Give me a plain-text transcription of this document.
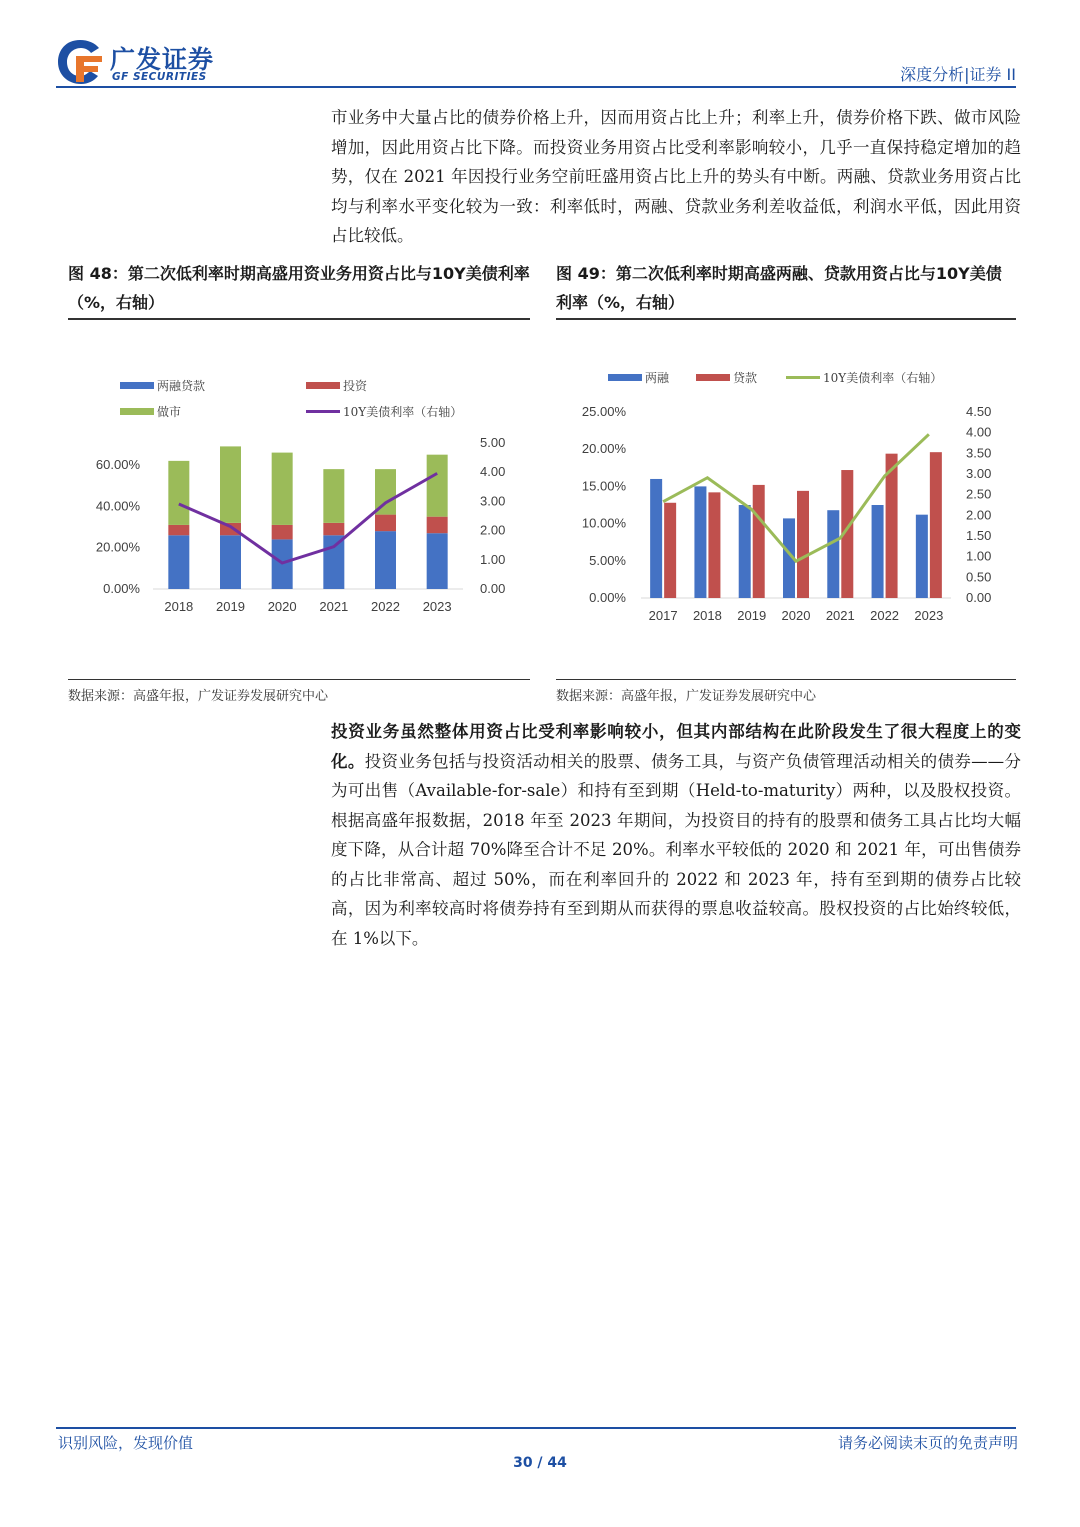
广发证券
GF SECURITIES	深度分析|证券 II
市业务中大量占比的债券价格上升，因而用资占比上升；利率上升，债券价格下跌、做市风险增加，因此用资占比下降。而投资业务用资占比受利率影响较小，几乎一直保持稳定增加的趋势，仅在 2021 年因投行业务空前旺盛用资占比上升的势头有中断。两融、贷款业务用资占比均与利率水平变化较为一致：利率低时，两融、贷款业务利差收益低，利润水平低，因此用资占比较低。
图 48：第二次低利率时期高盛用资业务用资占比与10Y美债利率（%，右轴）
两融贷款	投资
做市	10Y美债利率（右轴）
0.00%
20.00%
40.00%
60.00%
0.00
1.00
2.00
3.00
4.00
5.00
2018 2019 2020 2021 2022 2023
数据来源：高盛年报，广发证券发展研究中心
图 49：第二次低利率时期高盛两融、贷款用资占比与10Y美债利率（%，右轴）
两融	贷款	10Y美债利率（右轴）
0.00%
5.00%
10.00%
15.00%
20.00%
25.00%
0.00
0.50
1.00
1.50
2.00
2.50
3.00
3.50
4.00
4.50
2017 2018 2019 2020 2021 2022 2023
数据来源：高盛年报，广发证券发展研究中心
投资业务虽然整体用资占比受利率影响较小，但其内部结构在此阶段发生了很大程度上的变化。投资业务包括与投资活动相关的股票、债务工具，与资产负债管理活动相关的债券——分为可出售（Available-for-sale）和持有至到期（Held-to-maturity）两种，以及股权投资。根据高盛年报数据，2018 年至 2023 年期间，为投资目的持有的股票和债务工具占比均大幅度下降，从合计超 70%降至合计不足 20%。利率水平较低的 2020 和 2021 年，可出售债券的占比非常高、超过 50%，而在利率回升的 2022 和 2023 年，持有至到期的债券占比较高，因为利率较高时将债券持有至到期从而获得的票息收益较高。股权投资的占比始终较低，在 1%以下。
识别风险，发现价值	请务必阅读末页的免责声明
30 / 44
